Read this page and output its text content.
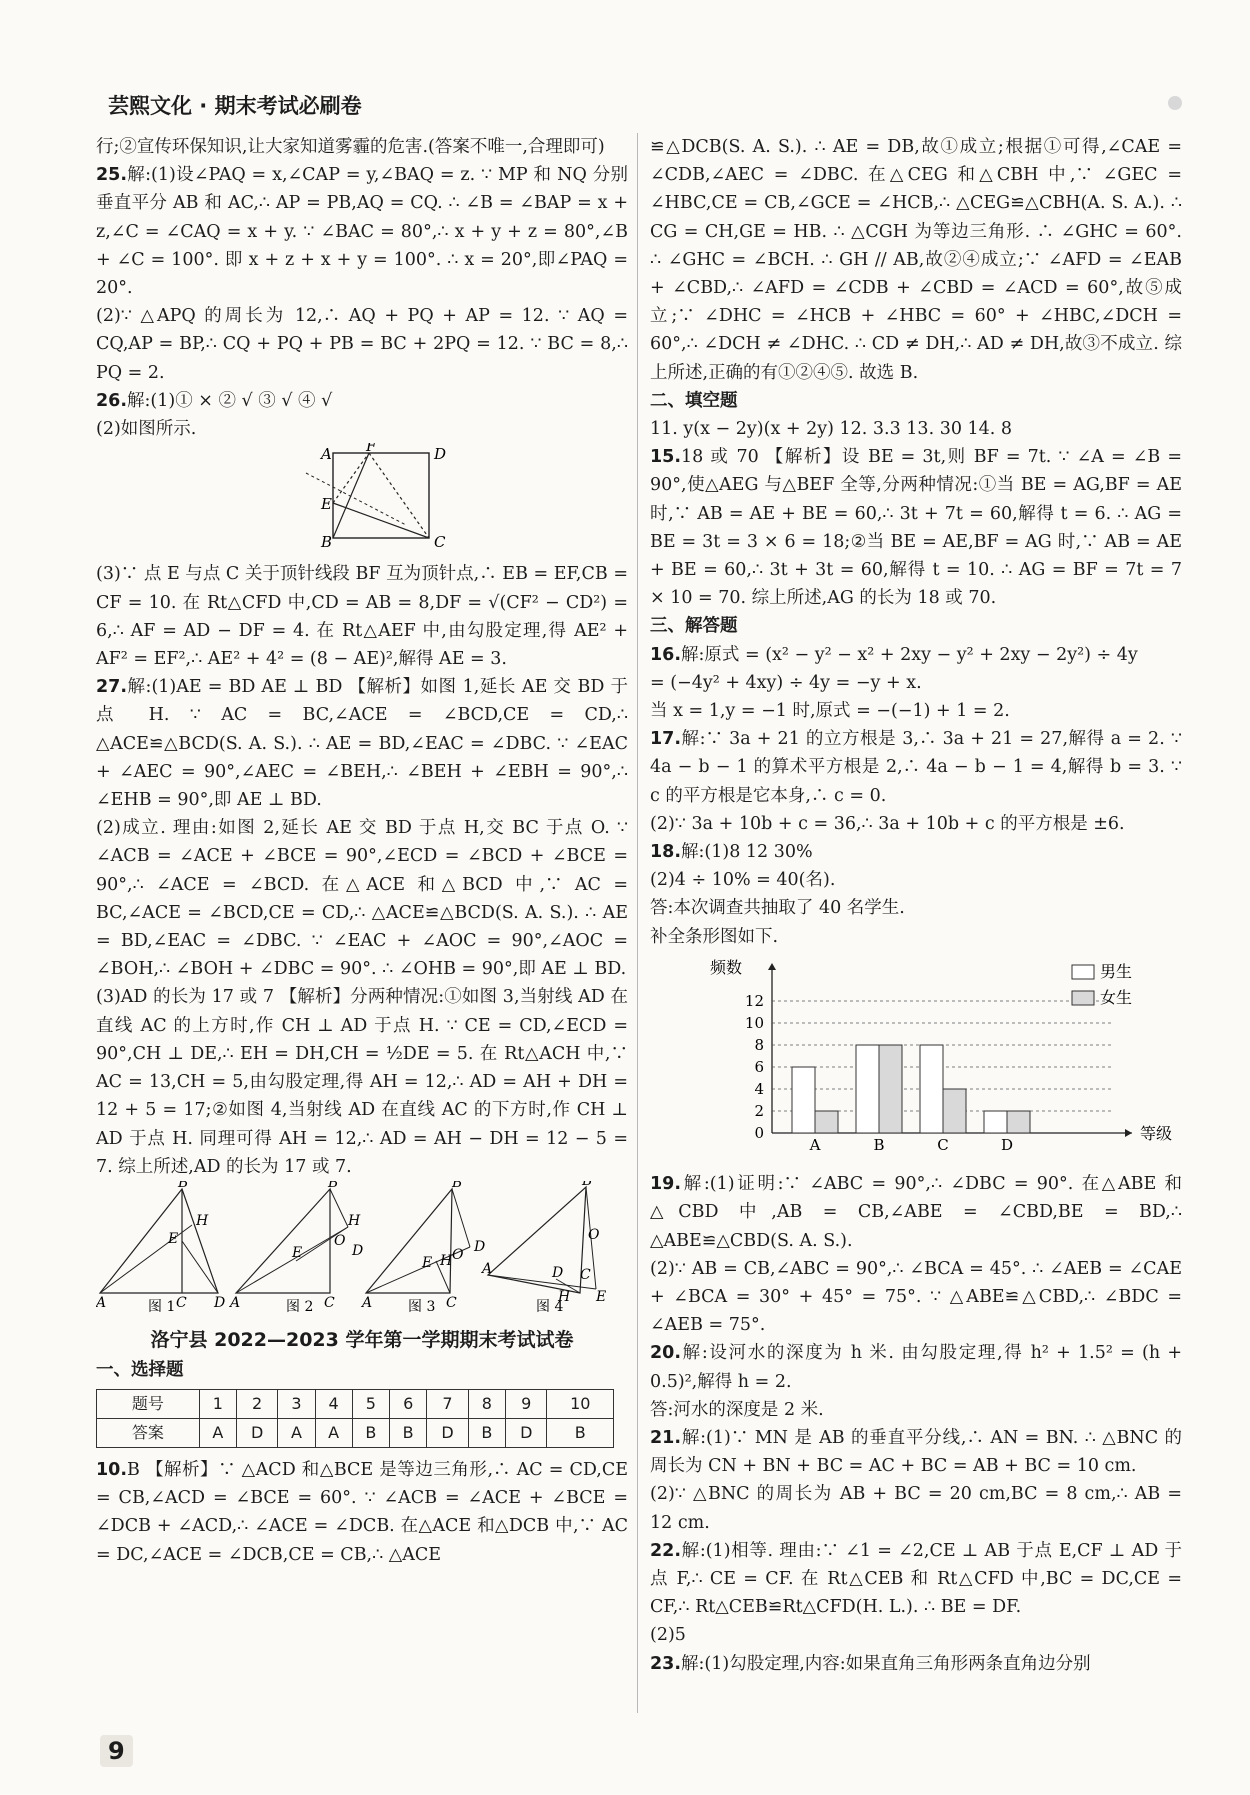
芸熙文化 · 期末考试必刷卷
行;②宣传环保知识,让大家知道雾霾的危害.(答案不唯一,合理即可)
25.解:(1)设∠PAQ = x,∠CAP = y,∠BAQ = z. ∵ MP 和 NQ 分别垂直平分 AB 和 AC,∴ AP = PB,AQ = CQ. ∴ ∠B = ∠BAP = x + z,∠C = ∠CAQ = x + y. ∵ ∠BAC = 80°,∴ x + y + z = 80°,∠B + ∠C = 100°. 即 x + z + x + y = 100°. ∴ x = 20°,即∠PAQ = 20°.
(2)∵ △APQ 的周长为 12,∴ AQ + PQ + AP = 12. ∵ AQ = CQ,AP = BP,∴ CQ + PQ + PB = BC + 2PQ = 12. ∵ BC = 8,∴ PQ = 2.
26.解:(1)① × ② √ ③ √ ④ √
(2)如图所示.
A F	D
E
B	C
(3)∵ 点 E 与点 C 关于顶针线段 BF 互为顶针点,∴ EB = EF,CB = CF = 10. 在 Rt△CFD 中,CD = AB = 8,DF = √(CF² − CD²) = 6,∴ AF = AD − DF = 4. 在 Rt△AEF 中,由勾股定理,得 AE² + AF² = EF²,∴ AE² + 4² = (8 − AE)²,解得 AE = 3.
27.解:(1)AE = BD AE ⊥ BD 【解析】如图 1,延长 AE 交 BD 于点 H. ∵ AC = BC,∠ACE = ∠BCD,CE = CD,∴ △ACE≌△BCD(S. A. S.). ∴ AE = BD,∠EAC = ∠DBC. ∵ ∠EAC + ∠AEC = 90°,∠AEC = ∠BEH,∴ ∠BEH + ∠EBH = 90°,∴ ∠EHB = 90°,即 AE ⊥ BD.
(2)成立. 理由:如图 2,延长 AE 交 BD 于点 H,交 BC 于点 O. ∵ ∠ACB = ∠ACE + ∠BCE = 90°,∠ECD = ∠BCD + ∠BCE = 90°,∴ ∠ACE = ∠BCD. 在△ACE 和△BCD 中,∵ AC = BC,∠ACE = ∠BCD,CE = CD,∴ △ACE≌△BCD(S. A. S.). ∴ AE = BD,∠EAC = ∠DBC. ∵ ∠EAC + ∠AOC = 90°,∠AOC = ∠BOH,∴ ∠BOH + ∠DBC = 90°. ∴ ∠OHB = 90°,即 AE ⊥ BD.
(3)AD 的长为 17 或 7 【解析】分两种情况:①如图 3,当射线 AD 在直线 AC 的上方时,作 CH ⊥ AD 于点 H. ∵ CE = CD,∠ECD = 90°,CH ⊥ DE,∴ EH = DH,CH = ½DE = 5. 在 Rt△ACH 中,∵ AC = 13,CH = 5,由勾股定理,得 AH = 12,∴ AD = AH + DH = 12 + 5 = 17;②如图 4,当射线 AD 在直线 AC 的下方时,作 CH ⊥ AD 于点 H. 同理可得 AH = 12,∴ AD = AH − DH = 12 − 5 = 7. 综上所述,AD 的长为 17 或 7.
B
H
E
A	C D
图 1
B
H
O
D
E
A	C
图 2
B
D
E H O
A	C
图 3
B
O
A	D C
H E
图 4
洛宁县 2022—2023 学年第一学期期末考试试卷
一、选择题
题号	1	2	3	4	5	6	7	8	9	10
答案	A	D	A	A	B	B	D	B	D	B
10.B 【解析】∵ △ACD 和△BCE 是等边三角形,∴ AC = CD,CE = CB,∠ACD = ∠BCE = 60°. ∵ ∠ACB = ∠ACE + ∠BCE = ∠DCB + ∠ACD,∴ ∠ACE = ∠DCB. 在△ACE 和△DCB 中,∵ AC = DC,∠ACE = ∠DCB,CE = CB,∴ △ACE
≌△DCB(S. A. S.). ∴ AE = DB,故①成立;根据①可得,∠CAE = ∠CDB,∠AEC = ∠DBC. 在△CEG 和△CBH 中,∵ ∠GEC = ∠HBC,CE = CB,∠GCE = ∠HCB,∴ △CEG≌△CBH(A. S. A.). ∴ CG = CH,GE = HB. ∴ △CGH 为等边三角形. ∴ ∠GHC = 60°. ∴ ∠GHC = ∠BCH. ∴ GH // AB,故②④成立;∵ ∠AFD = ∠EAB + ∠CBD,∴ ∠AFD = ∠CDB + ∠CBD = ∠ACD = 60°,故⑤成立;∵ ∠DHC = ∠HCB + ∠HBC = 60° + ∠HBC,∠DCH = 60°,∴ ∠DCH ≠ ∠DHC. ∴ CD ≠ DH,∴ AD ≠ DH,故③不成立. 综上所述,正确的有①②④⑤. 故选 B.
二、填空题
11. y(x − 2y)(x + 2y) 12. 3.3 13. 30 14. 8
15.18 或 70 【解析】设 BE = 3t,则 BF = 7t. ∵ ∠A = ∠B = 90°,使△AEG 与△BEF 全等,分两种情况:①当 BE = AG,BF = AE 时,∵ AB = AE + BE = 60,∴ 3t + 7t = 60,解得 t = 6. ∴ AG = BE = 3t = 3 × 6 = 18;②当 BE = AE,BF = AG 时,∵ AB = AE + BE = 60,∴ 3t + 3t = 60,解得 t = 10. ∴ AG = BF = 7t = 7 × 10 = 70. 综上所述,AG 的长为 18 或 70.
三、解答题
16.解:原式 = (x² − y² − x² + 2xy − y² + 2xy − 2y²) ÷ 4y
= (−4y² + 4xy) ÷ 4y = −y + x.
当 x = 1,y = −1 时,原式 = −(−1) + 1 = 2.
17.解:∵ 3a + 21 的立方根是 3,∴ 3a + 21 = 27,解得 a = 2. ∵ 4a − b − 1 的算术平方根是 2,∴ 4a − b − 1 = 4,解得 b = 3. ∵ c 的平方根是它本身,∴ c = 0.
(2)∵ 3a + 10b + c = 36,∴ 3a + 10b + c 的平方根是 ±6.
18.解:(1)8 12 30%
(2)4 ÷ 10% = 40(名).
答:本次调查共抽取了 40 名学生.
补全条形图如下.
频数
等级
0
2
4
6
8
10
12
A	B	C	D
男生
女生
19.解:(1)证明:∵ ∠ABC = 90°,∴ ∠DBC = 90°. 在△ABE 和△CBD 中,AB = CB,∠ABE = ∠CBD,BE = BD,∴ △ABE≌△CBD(S. A. S.).
(2)∵ AB = CB,∠ABC = 90°,∴ ∠BCA = 45°. ∴ ∠AEB = ∠CAE + ∠BCA = 30° + 45° = 75°. ∵ △ABE≌△CBD,∴ ∠BDC = ∠AEB = 75°.
20.解:设河水的深度为 h 米. 由勾股定理,得 h² + 1.5² = (h + 0.5)²,解得 h = 2.
答:河水的深度是 2 米.
21.解:(1)∵ MN 是 AB 的垂直平分线,∴ AN = BN. ∴ △BNC 的周长为 CN + BN + BC = AC + BC = AB + BC = 10 cm.
(2)∵ △BNC 的周长为 AB + BC = 20 cm,BC = 8 cm,∴ AB = 12 cm.
22.解:(1)相等. 理由:∵ ∠1 = ∠2,CE ⊥ AB 于点 E,CF ⊥ AD 于点 F,∴ CE = CF. 在 Rt△CEB 和 Rt△CFD 中,BC = DC,CE = CF,∴ Rt△CEB≌Rt△CFD(H. L.). ∴ BE = DF.
(2)5
23.解:(1)勾股定理,内容:如果直角三角形两条直角边分别
9
